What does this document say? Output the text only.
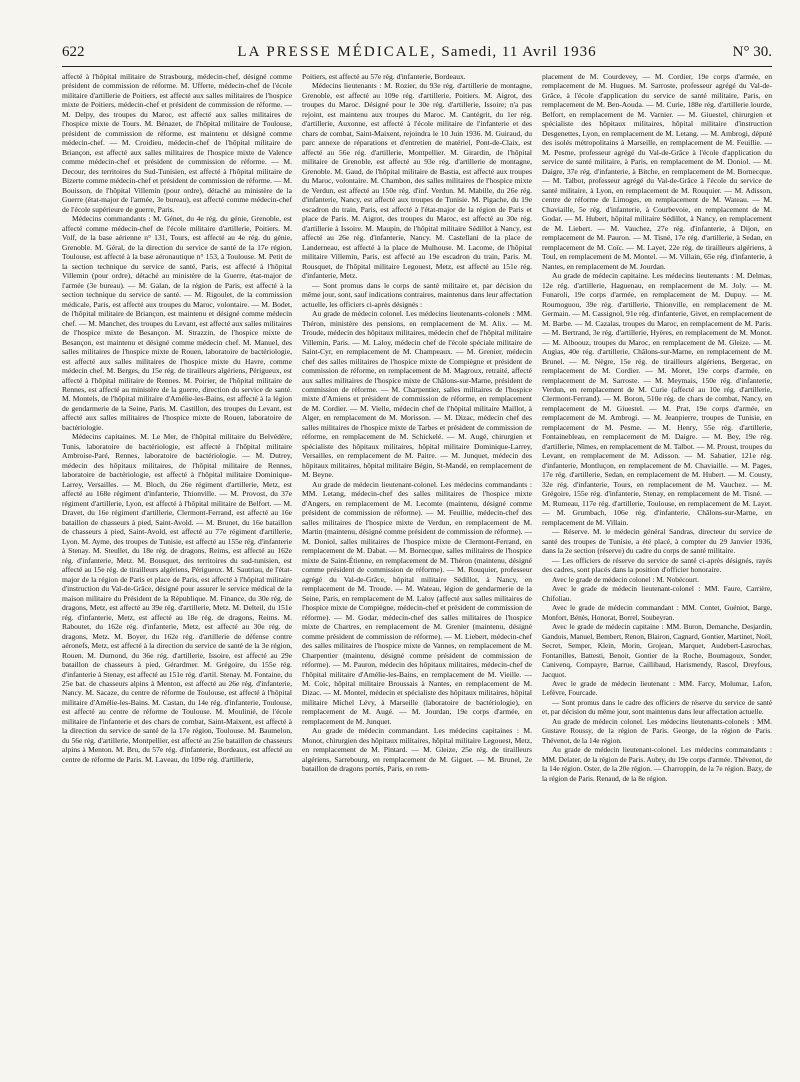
622	LA PRESSE MÉDICALE, Samedi, 11 Avril 1936	N° 30.

affecté à l'hôpital militaire de Strasbourg, médecin-chef, désigné comme président de commission de réforme. M. Ufferte, médecin-chef de l'école militaire d'artillerie de Poitiers, est affecté aux salles militaires de l'hospice mixte de Poitiers, médecin-chef et président de commission de réforme. — M. Delpy, des troupes du Maroc, est affecté aux salles militaires de l'hospice mixte de Tours. M. Bénazet, de l'hôpital militaire de Toulouse, président de commission de réforme, est maintenu et désigné comme médecin-chef. — M. Croidieu, médecin-chef de l'hôpital militaire de Briançon, est affecté aux salles militaires de l'hospice mixte de Valence comme médecin-chef et président de commission de réforme. — M. Decour, des territoires du Sud-Tunisien, est affecté à l'hôpital militaire de Bizerte comme médecin-chef et président de commission de réforme. — M. Bouisson, de l'hôpital Villemin (pour ordre), détaché au ministère de la Guerre (état-major de l'armée, 3e bureau), est affecté comme médecin-chef de l'école supérieure de guerre, Paris.

Médecins commandants : M. Génet, du 4e rég. du génie, Grenoble, est affecté comme médecin-chef de l'école militaire d'artillerie, Poitiers. M. Volf, de la base aérienne n° 131, Tours, est affecté au 4e rég. du génie, Grenoble. M. Géral, de la direction du service de santé de la 17e région, Toulouse, est affecté à la base aéronautique n° 153, à Toulouse. M. Petit de la section technique du service de santé, Paris, est affecté à l'hôpital Villemin (pour ordre), détaché au ministère de la Guerre, état-major de l'armée (3e bureau). — M. Galan, de la région de Paris, est affecté à la section technique du service de santé. — M. Rigoulet, de la commission médicale, Paris, est affecté aux troupes du Maroc, volontaire. — M. Bodet, de l'hôpital militaire de Briançon, est maintenu et désigné comme médecin chef. — M. Manchet, des troupes du Levant, est affecté aux salles militaires de l'hospice mixte de Besançon. M. Strazzin, de l'hospice mixte de Besançon, est maintenu et désigné comme médecin chef. M. Manuel, des salles militaires de l'hospice mixte de Rouen, laboratoire de bactériologie, est affecté aux salles militaires de l'hospice mixte du Havre, comme médecin chef. M. Berges, du 15e rég. de tirailleurs algériens, Périgueux, est affecté à l'hôpital militaire de Rennes. M. Poirier, de l'hôpital militaire de Rennes, est affecté au ministère de la guerre, direction du service de santé. M. Montels, de l'hôpital militaire d'Amélie-les-Bains, est affecté à la légion de gendarmerie de la Seine, Paris. M. Castillon, des troupes du Levant, est affecté aux salles militaires de l'hospice mixte de Rouen, laboratoire de bactériologie.

Médecins capitaines. M. Le Mer, de l'hôpital militaire du Belvédère, Tunis, laboratoire de bactériologie, est affecté à l'hôpital militaire Ambroise-Paré, Rennes, laboratoire de bactériologie. — M. Dutrey, médecin des hôpitaux militaires, de l'hôpital militaire de Rennes, laboratoire de bactériologie, est affecté à l'hôpital militaire Dominique-Larrey, Versailles. — M. Bloch, du 26e régiment d'artillerie, Metz, est affecté au 168e régiment d'infanterie, Thionville. — M. Provost, du 37e régiment d'artillerie, Lyon, est affecté à l'hôpital militaire de Belfort. — M. Dravet, du 16e régiment d'artillerie, Clermont-Ferrand, est affecté au 16e bataillon de chasseurs à pied, Saint-Avold. — M. Brunet, du 16e bataillon de chasseurs à pied, Saint-Avold, est affecté au 77e régiment d'artillerie, Lyon. M. Ayme, des troupes de Tunisie, est affecté au 155e rég. d'infanterie à Stenay. M. Steullet, du 18e rég. de dragons, Reims, est affecté au 162e rég. d'infanterie, Metz. M. Bousquet, des territoires du sud-tunisien, est affecté au 15e rég. de tirailleurs algériens, Périgueux. M. Sautriau, de l'état-major de la région de Paris et place de Paris, est affecté à l'hôpital militaire d'instruction du Val-de-Grâce, désigné pour assurer le service médical de la maison militaire du Président de la République. M. Finance, du 30e rég. de dragons, Metz, est affecté au 39e rég. d'artillerie, Metz. M. Delteil, du 151e rég. d'infanterie, Metz, est affecté au 18e rég. de dragons, Reims. M. Raboutet, du 162e rég. d'infanterie, Metz, est affecté au 30e rég. de dragons, Metz. M. Boyer, du 162e rég. d'artillerie de défense contre aéronefs, Metz, est affecté à la direction du service de santé de la 3e région, Rouen. M. Dumond, du 36e rég. d'artillerie, Issoire, est affecté au 29e bataillon de chasseurs à pied, Gérardmer. M. Grégoire, du 155e rég. d'infanterie à Stenay, est affecté au 151e rég. d'artil. Stenay. M. Fontaine, du 25e bat. de chasseurs alpins à Menton, est affecté au 26e rég. d'infanterie, Nancy. M. Sacaze, du centre de réforme de Toulouse, est affecté à l'hôpital militaire d'Amélie-les-Bains. M. Castan, du 14e rég. d'infanterie, Toulouse, est affecté au centre de réforme de Toulouse. M. Moulinié, de l'école militaire de l'infanterie et des chars de combat, Saint-Maixent, est affecté à la direction du service de santé de la 17e région, Toulouse. M. Baumelon, du 56e rég. d'artillerie, Montpellier, est affecté au 25e bataillon de chasseurs alpins à Menton. M. Bru, du 57e rég. d'infanterie, Bordeaux, est affecté au centre de réforme de Paris. M. Laveau, du 109e rég. d'artillerie,

Poitiers, est affecté au 57e rég. d'infanterie, Bordeaux.

Médecins lieutenants : M. Rozier, du 93e rég. d'artillerie de montagne, Grenoble, est affecté au 109e rég. d'artillerie, Poitiers. M. Aigrot, des troupes du Maroc. Désigné pour le 30e rég. d'artillerie, Issoire; n'a pas rejoint, est maintenu aux troupes du Maroc. M. Cantégrit, du 1er rég. d'artillerie, Auxonne, est affecté à l'école militaire de l'infanterie et des chars de combat, Saint-Maixent, rejoindra le 10 Juin 1936. M. Guiraud, du parc annexe de réparations et d'entretien de matériel, Pont-de-Claix, est affecté au 56e rég. d'artillerie, Montpellier. M. Girardin, de l'hôpital militaire de Grenoble, est affecté au 93e rég. d'artillerie de montagne, Grenoble. M. Gaud, de l'hôpital militaire de Bastia, est affecté aux troupes du Maroc, volontaire. M. Chambon, des salles militaires de l'hospice mixte de Verdun, est affecté au 150e rég. d'inf. Verdun. M. Mabille, du 26e rég. d'infanterie, Nancy, est affecté aux troupes de Tunisie. M. Pigache, du 19e escadron du train, Paris, est affecté à l'état-major de la région de Paris et place de Paris. M. Aigrot, des troupes du Maroc, est affecté au 30e rég. d'artillerie à Issoire. M. Maupin, de l'hôpital militaire Sédillot à Nancy, est affecté au 26e rég. d'infanterie, Nancy. M. Castellani de la place de Landerneau, est affecté à la place de Mulhouse. M. Lacome, de l'hôpital militaire Villemin, Paris, est affecté au 19e escadron du train, Paris. M. Rousquet, de l'hôpital militaire Legouest, Metz, est affecté au 151e rég. d'infanterie, Metz.

— Sont promus dans le corps de santé militaire et, par décision du même jour, sont, sauf indications contraires, maintenus dans leur affectation actuelle, les officiers ci-après désignés :

Au grade de médecin colonel. Les médecins lieutenants-colonels : MM. Théron, ministère des pensions, en remplacement de M. Alix. — M. Troude, médecin des hôpitaux militaires, médecin chef de l'hôpital militaire Villemin, Paris. — M. Laloy, médecin chef de l'école spéciale militaire de Saint-Cyr, en remplacement de M. Champeaux. — M. Grenier, médecin chef des salles militaires de l'hospice mixte de Compiègne et président de commission de réforme, en remplacement de M. Magroux, retraité, affecté aux salles militaires de l'hospice mixte de Châlons-sur-Marne, président de commission de réforme. — M. Charpentier, salles militaires de l'hospice mixte d'Amiens et président de commission de réforme, en remplacement de M. Cordier. — M. Vielle, médecin chef de l'hôpital militaire Maillot, à Alger, en remplacement de M. Morisson. — M. Dizac, médecin chef des salles militaires de l'hospice mixte de Tarbes et président de commission de réforme, en remplacement de M. Schickelé. — M. Augé, chirurgien et spécialiste des hôpitaux militaires, hôpital militaire Dominique-Larrey, Versailles, en remplacement de M. Paitre. — M. Junquet, médecin des hôpitaux militaires, hôpital militaire Bégin, St-Mandé, en remplacement de M. Beyne.

Au grade de médecin lieutenant-colonel. Les médecins commandants : MM. Letang, médecin-chef des salles militaires de l'hospice mixte d'Angers, en remplacement de M. Lecomte (maintenu, désigné comme président de commission de réforme). — M. Feuillie, médecin-chef des salles militaires de l'hospice mixte de Verdun, en remplacement de M. Martin (maintenu, désigné comme président de commission de réforme). — M. Doniol, salles militaires de l'hospice mixte de Clermont-Ferrand, en remplacement de M. Dabat. — M. Bornecque, salles militaires de l'hospice mixte de Saint-Étienne, en remplacement de M. Théron (maintenu, désigné comme président de commission de réforme). — M. Rouquier, professeur agrégé du Val-de-Grâce, hôpital militaire Sédillot, à Nancy, en remplacement de M. Troude. — M. Wateau, légion de gendarmerie de la Seine, Paris, en remplacement de M. Laloy (affecté aux salles militaires de l'hospice mixte de Compiègne, médecin-chef et président de commission de réforme). — M. Godar, médecin-chef des salles militaires de l'hospice mixte de Chartres, en remplacement de M. Grenier (maintenu, désigné comme président de commission de réforme). — M. Liebert, médecin-chef des salles militaires de l'hospice mixte de Vannes, en remplacement de M. Charpentier (maintenu, désigné comme président de commission de réforme). — M. Pauron, médecin des hôpitaux militaires, médecin-chef de l'hôpital militaire d'Amélie-les-Bains, en remplacement de M. Vieille. — M. Coïc, hôpital militaire Broussais à Nantes, en remplacement de M. Dizac. — M. Montel, médecin et spécialiste des hôpitaux militaires, hôpital militaire Michel Lévy, à Marseille (laboratoire de bactériologie), en remplacement de M. Augé. — M. Jourdan, 19e corps d'armée, en remplacement de M. Junquet.

Au grade de médecin commandant. Les médecins capitaines : M. Monot, chirurgien des hôpitaux militaires, hôpital militaire Legouest, Metz, en remplacement de M. Pintard. — M. Gleize, 25e rég. de tirailleurs algériens, Sarrebourg, en remplacement de M. Giguet. — M. Brunel, 2e bataillon de dragons portés, Paris, en rem-

placement de M. Courdevey, — M. Cordier, 19e corps d'armée, en remplacement de M. Hugues. M. Sarroste, professeur agrégé du Val-de-Grâce, à l'école d'application du service de santé militaire, Paris, en remplacement de M. Ben-Aouda. — M. Curie, 188e rég. d'artillerie lourde, Belfort, en remplacement de M. Varnier. — M. Giuestel, chirurgien et spécialiste des hôpitaux militaires, hôpital militaire d'instruction Desgenettes, Lyon, en remplacement de M. Letang. — M. Ambrogi, député des isolés métropolitains à Marseille, en remplacement de M. Feuillie. — M. Pesme, professeur agrégé du Val-de-Grâce à l'école d'application du service de santé militaire, à Paris, en remplacement de M. Doniol. — M. Daigre, 37e rég. d'infanterie, à Bitche, en remplacement de M. Bornecque. — M. Talbot, professeur agrégé du Val-de-Grâce à l'école du service de santé militaire, à Lyon, en remplacement de M. Rouquier. — M. Adisson, centre de réforme de Limoges, en remplacement de M. Wateau. — M. Chaviaille, 5e rég. d'infanterie, à Courbevoie, en remplacement de M. Godar. — M. Hubert, hôpital militaire Sédillot, à Nancy, en remplacement de M. Liebert. — M. Vauchez, 27e rég. d'infanterie, à Dijon, en remplacement de M. Pauron. — M. Tisné, 17e rég. d'artillerie, à Sedan, en remplacement de M. Coïc. — M. Layet, 22e rég. de tirailleurs algériens, à Toul, en remplacement de M. Montel. — M. Villain, 65e rég. d'infanterie, à Nantes, en remplacement de M. Jourdan.

Au grade de médecin capitaine. Les médecins lieutenants : M. Delmas, 12e rég. d'artillerie, Haguenau, en remplacement de M. Joly. — M. Funaroli, 19e corps d'armée, en remplacement de M. Dupuy. — M. Roumoguou, 39e rég. d'artillerie, Thionville, en remplacement de M. Germain. — M. Cassignol, 91e rég. d'infanterie, Givet, en remplacement de M. Barbe. — M. Cazalas, troupes du Maroc, en remplacement de M. Paris. — M. Bertrand, 3e rég. d'artillerie, Hyères, en remplacement de M. Monot. — M. Alboouz, troupes du Maroc, en remplacement de M. Gleize. — M. Augias, 40e rég. d'artillerie, Châlons-sur-Marne, en remplacement de M. Brunel. — M. Nègre, 15e rég. de tirailleurs algériens, Bergerac, en remplacement de M. Cordier. — M. Moret, 19e corps d'armée, en remplacement de M. Sarroste. — M. Meymais, 150e rég. d'infanterie, Verdun, en remplacement de M. Curie (affecté au 10e rég. d'artillerie, Clermont-Ferrand). — M. Boron, 510e rég. de chars de combat, Nancy, en remplacement de M. Giuestel. — M. Prat, 19e corps d'armée, en remplacement de M. Ambrogi. — M. Jeanpierre, troupes de Tunisie, en remplacement de M. Pesme. — M. Henry, 55e rég. d'artillerie, Fontainebleau, en remplacement de M. Daigre. — M. Bey, 19e rég. d'artillerie, Nîmes, en remplacement de M. Talbot. — M. Proust, troupes du Levant, en remplacement de M. Adisson. — M. Sabatier, 121e rég. d'infanterie, Montluçon, en remplacement de M. Chaviaille. — M. Pages, 17e rég. d'artillerie, Sedan, en remplacement de M. Hubert. — M. Cousty, 32e rég. d'infanterie, Tours, en remplacement de M. Vauchez. — M. Grégoire, 155e rég. d'infanterie, Stenay, en remplacement de M. Tisné. — M. Rumeau, 117e rég. d'artillerie, Toulouse, en remplacement de M. Layet. — M. Grumbach, 106e rég. d'infanterie, Châlons-sur-Marne, en remplacement de M. Villain.

— Réserve. M. le médecin général Sandras, directeur du service de santé des troupes de Tunisie, a été placé, à compter du 29 Janvier 1936, dans la 2e section (réserve) du cadre du corps de santé militaire.

— Les officiers de réserve du service de santé ci-après désignés, rayés des cadres, sont placés dans la position d'officier honoraire.

Avec le grade de médecin colonel : M. Nobécourt.

Avec le grade de médecin lieutenant-colonel : MM. Faure, Carrière, Chifoliau.

Avec le grade de médecin commandant : MM. Contet, Guéniot, Barge, Monfort, Bénès, Honorat, Borrel, Soubeyran.

Avec le grade de médecin capitaine : MM. Buron, Demanche, Desjardin, Gandois, Manuel, Bembert, Renon, Blairon, Cagnard, Gontier, Martinet, Noël, Secret, Semper, Klein, Morin, Grojean, Marquet, Audebert-Lasrochas, Fontanilles, Battesti, Benoit, Gontier de la Roche, Boumagoux, Sonder, Canivenq, Compayre, Barrue, Caillibaud, Harismendy, Rascol, Dreyfous, Jacquot.

Avec le grade de médecin lieutenant : MM. Farcy, Molumar, Lafon, Lefèvre, Fourcade.

— Sont promus dans le cadre des officiers de réserve du service de santé et, par décision du même jour, sont maintenus dans leur affectation actuelle.

Au grade de médecin colonel. Les médecins lieutenants-colonels : MM. Gustave Roussy, de la région de Paris. George, de la région de Paris. Thévenot, de la 14e région.

Au grade de médecin lieutenant-colonel. Les médecins commandants : MM. Delater, de la région de Paris. Aubry, du 19e corps d'armée. Thévenot, de la 14e région. Oster, de la 20e région. — Charroppin, de la 7e région. Bazy, de la région de Paris. Renaud, de la 8e région.
